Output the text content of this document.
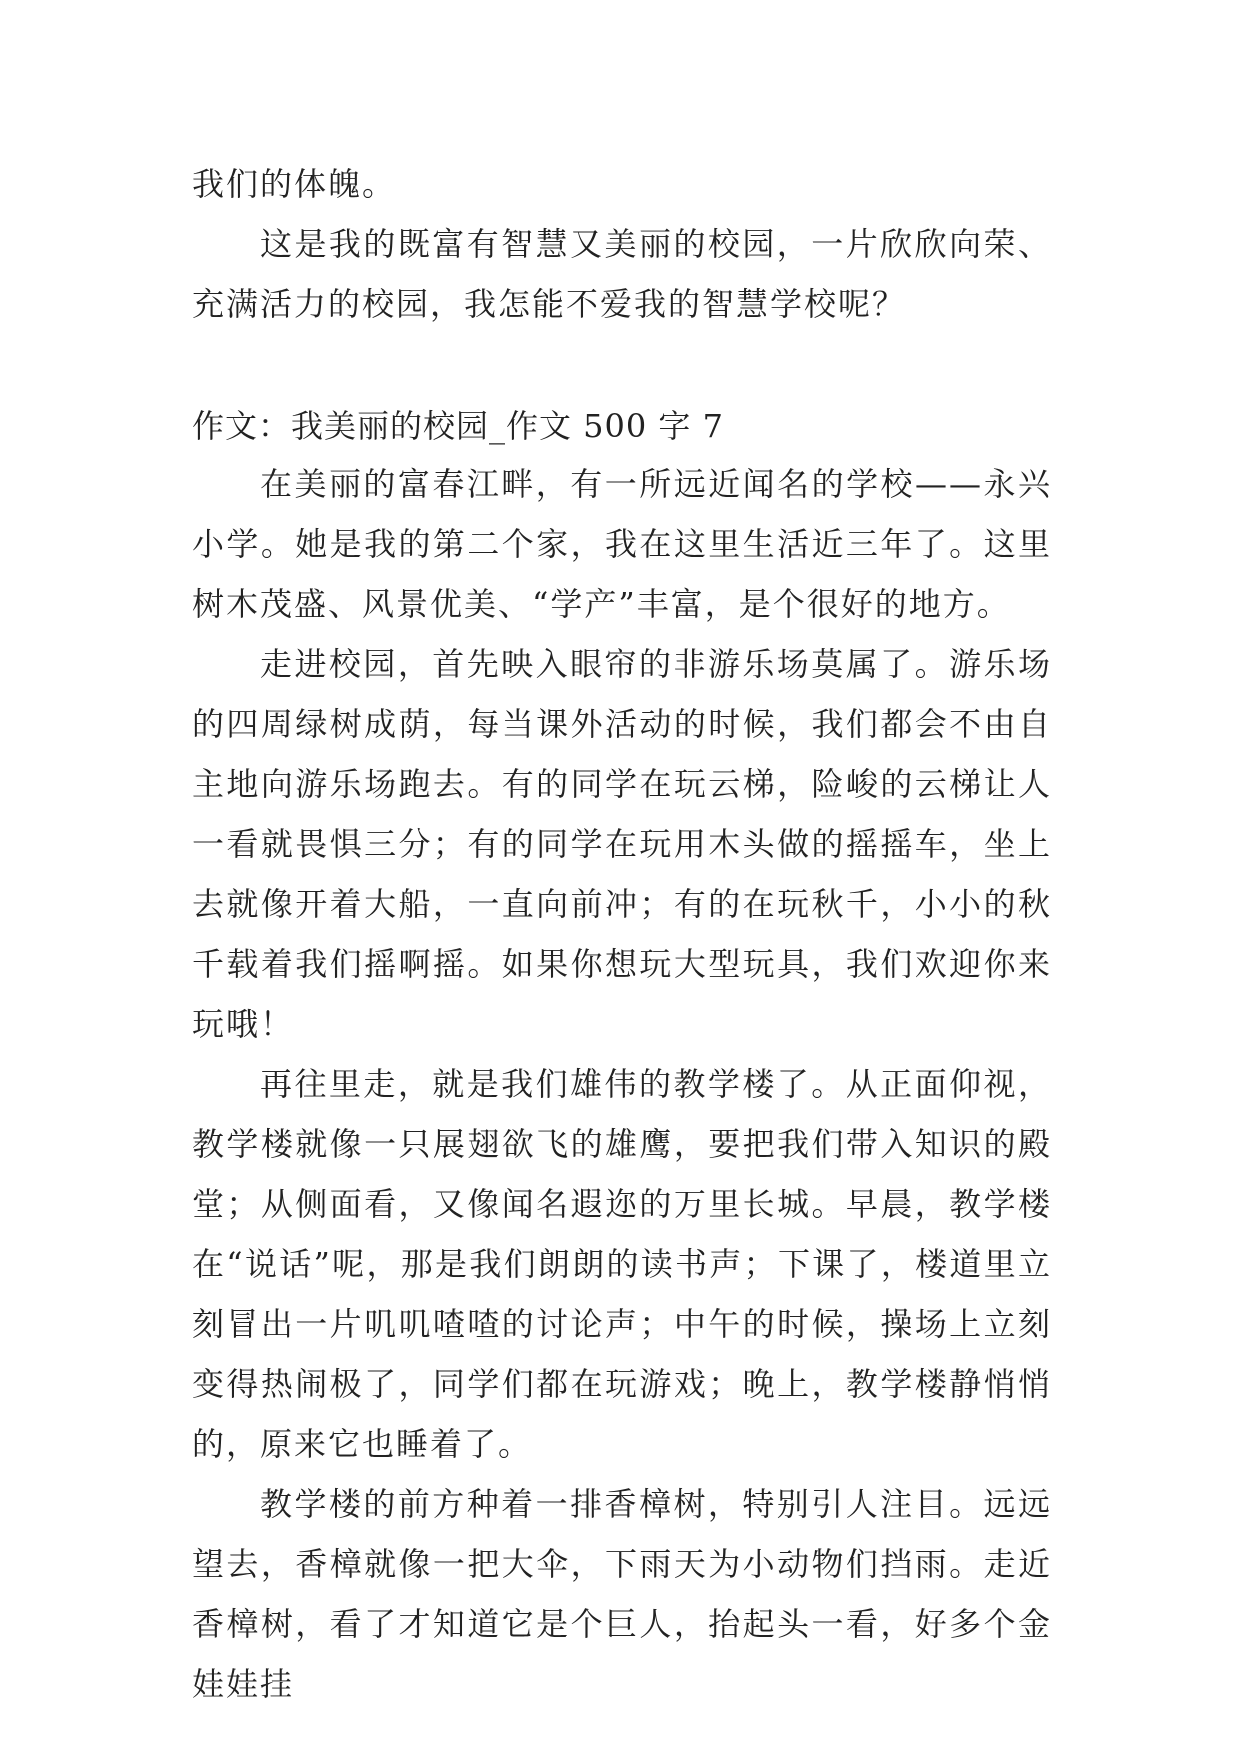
我们的体魄。

这是我的既富有智慧又美丽的校园，一片欣欣向荣、充满活力的校园，我怎能不爱我的智慧学校呢？

作文：我美丽的校园_作文 500 字 7

在美丽的富春江畔，有一所远近闻名的学校——永兴小学。她是我的第二个家，我在这里生活近三年了。这里树木茂盛、风景优美、“学产”丰富，是个很好的地方。

走进校园，首先映入眼帘的非游乐场莫属了。游乐场的四周绿树成荫，每当课外活动的时候，我们都会不由自主地向游乐场跑去。有的同学在玩云梯，险峻的云梯让人一看就畏惧三分；有的同学在玩用木头做的摇摇车，坐上去就像开着大船，一直向前冲；有的在玩秋千，小小的秋千载着我们摇啊摇。如果你想玩大型玩具，我们欢迎你来玩哦！

再往里走，就是我们雄伟的教学楼了。从正面仰视，教学楼就像一只展翅欲飞的雄鹰，要把我们带入知识的殿堂；从侧面看，又像闻名遐迩的万里长城。早晨，教学楼在“说话”呢，那是我们朗朗的读书声；下课了，楼道里立刻冒出一片叽叽喳喳的讨论声；中午的时候，操场上立刻变得热闹极了，同学们都在玩游戏；晚上，教学楼静悄悄的，原来它也睡着了。

教学楼的前方种着一排香樟树，特别引人注目。远远望去，香樟就像一把大伞，下雨天为小动物们挡雨。走近香樟树，看了才知道它是个巨人，抬起头一看，好多个金娃娃挂
